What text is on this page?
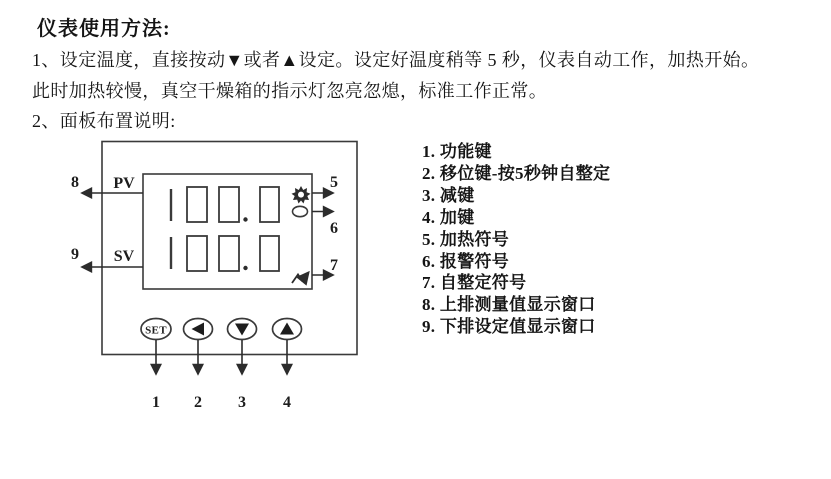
仪表使用方法:
1、设定温度，直接按动▼或者▲设定。设定好温度稍等 5 秒，仪表自动工作，加热开始。
此时加热较慢，真空干燥箱的指示灯忽亮忽熄，标准工作正常。
2、面板布置说明:
PV
SV
8
9
5
6
7
SET
1 2 3 4
1. 功能键
2. 移位键-按5秒钟自整定
3. 减键
4. 加键
5. 加热符号
6. 报警符号
7. 自整定符号
8. 上排测量值显示窗口
9. 下排设定值显示窗口
